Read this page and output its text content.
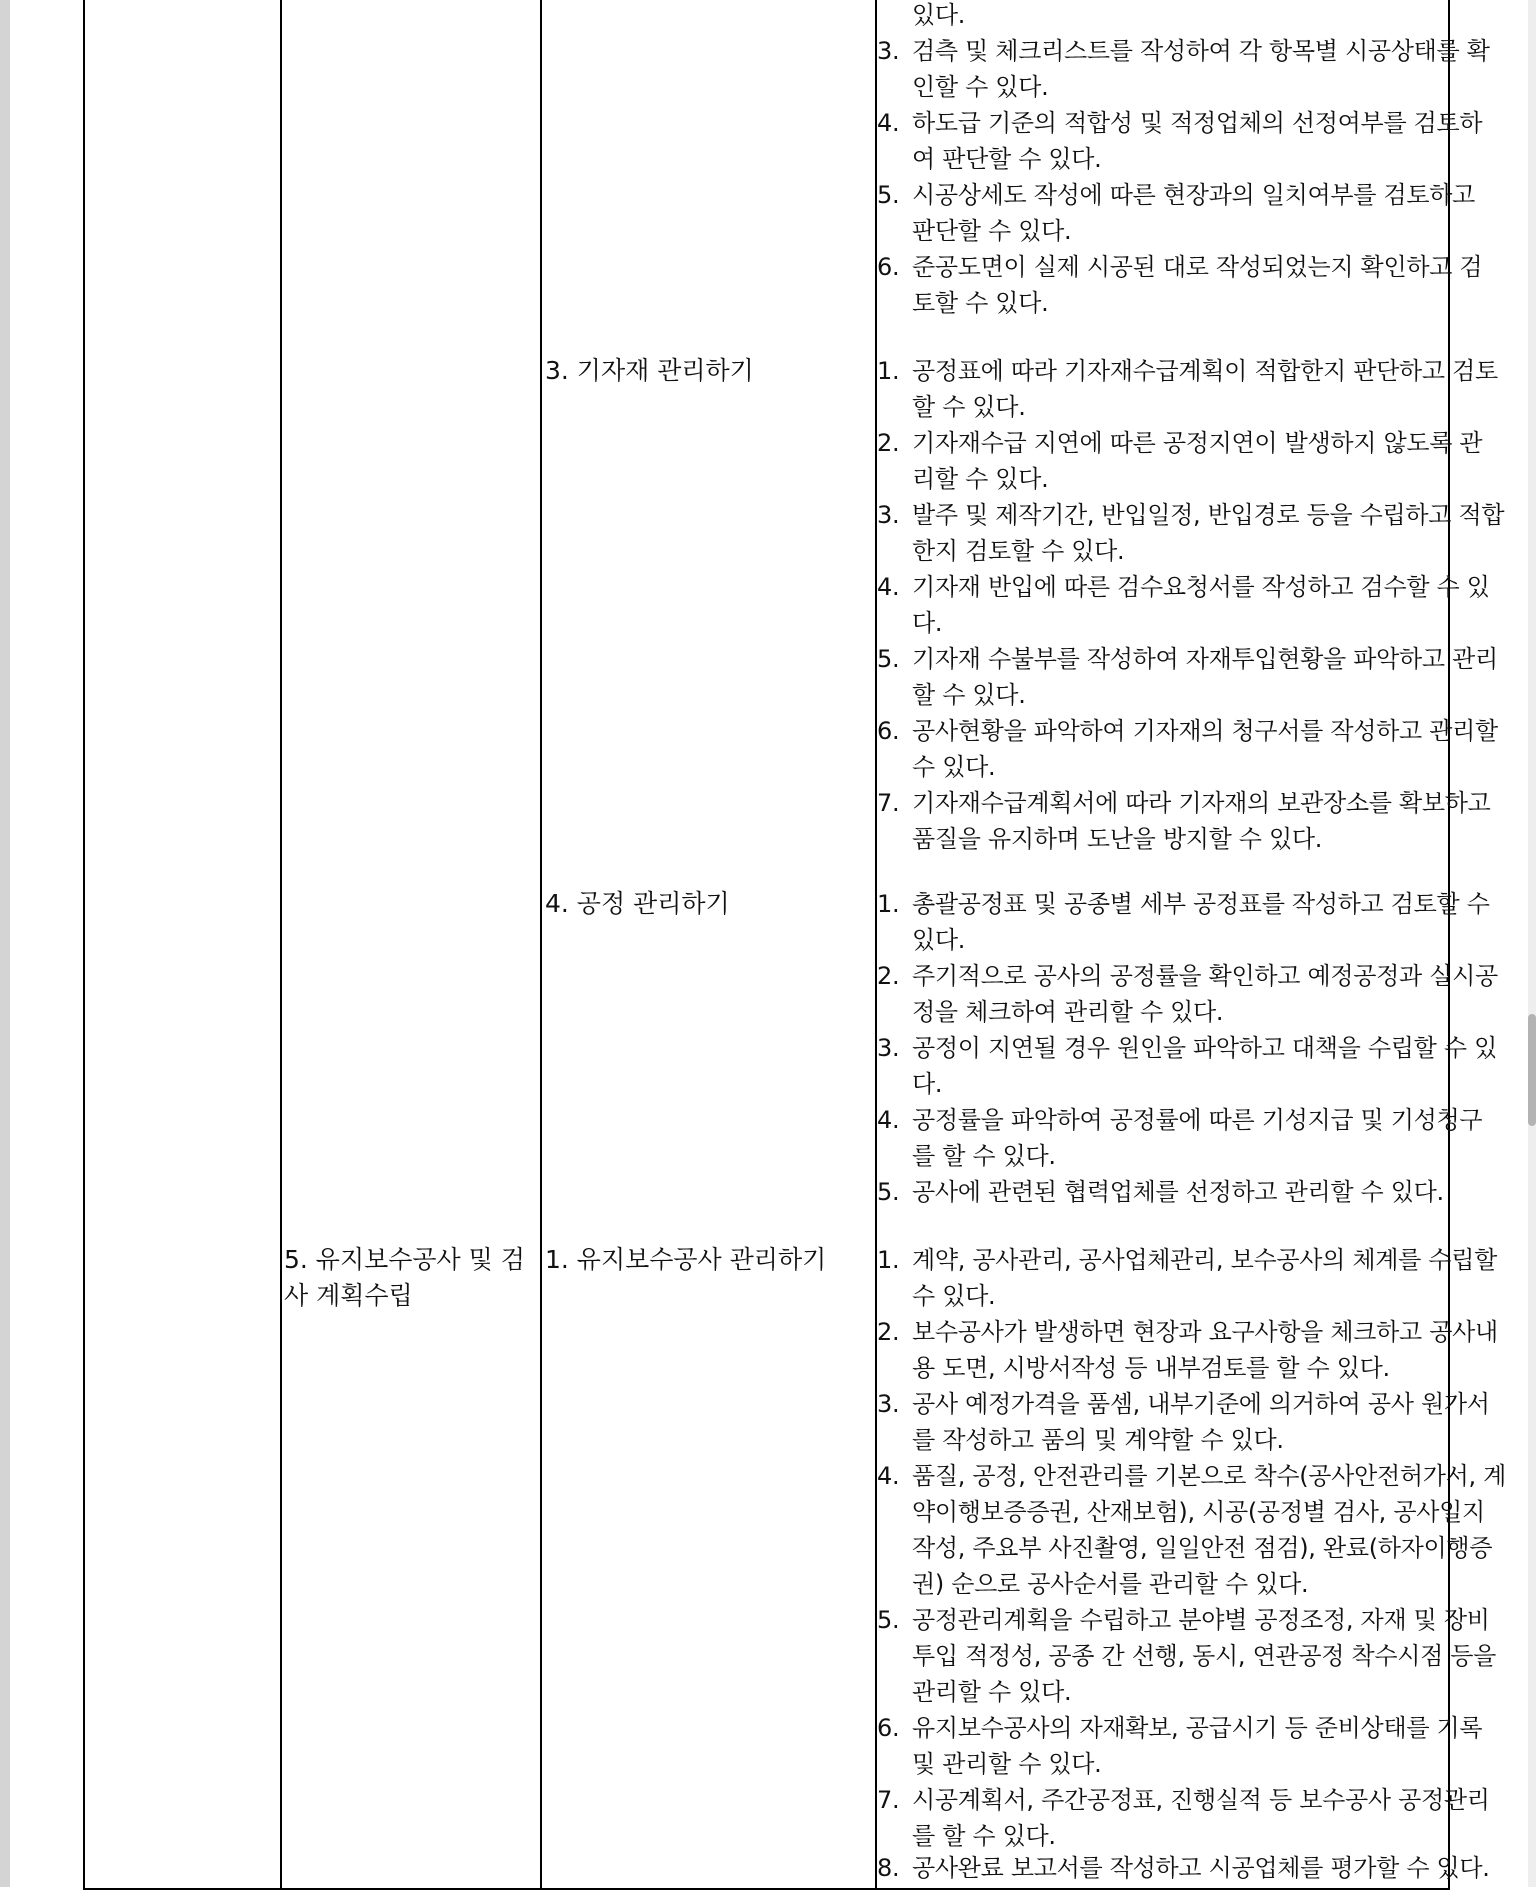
5. 유지보수공사 및 검
사 계획수립
3. 기자재 관리하기
4. 공정 관리하기
1. 유지보수공사 관리하기
있다.
3. 검측 및 체크리스트를 작성하여 각 항목별 시공상태를 확
인할 수 있다.
4. 하도급 기준의 적합성 및 적정업체의 선정여부를 검토하
여 판단할 수 있다.
5. 시공상세도 작성에 따른 현장과의 일치여부를 검토하고
판단할 수 있다.
6. 준공도면이 실제 시공된 대로 작성되었는지 확인하고 검
토할 수 있다.
1. 공정표에 따라 기자재수급계획이 적합한지 판단하고 검토
할 수 있다.
2. 기자재수급 지연에 따른 공정지연이 발생하지 않도록 관
리할 수 있다.
3. 발주 및 제작기간, 반입일정, 반입경로 등을 수립하고 적합
한지 검토할 수 있다.
4. 기자재 반입에 따른 검수요청서를 작성하고 검수할 수 있
다.
5. 기자재 수불부를 작성하여 자재투입현황을 파악하고 관리
할 수 있다.
6. 공사현황을 파악하여 기자재의 청구서를 작성하고 관리할
수 있다.
7. 기자재수급계획서에 따라 기자재의 보관장소를 확보하고
품질을 유지하며 도난을 방지할 수 있다.
1. 총괄공정표 및 공종별 세부 공정표를 작성하고 검토할 수
있다.
2. 주기적으로 공사의 공정률을 확인하고 예정공정과 실시공
정을 체크하여 관리할 수 있다.
3. 공정이 지연될 경우 원인을 파악하고 대책을 수립할 수 있
다.
4. 공정률을 파악하여 공정률에 따른 기성지급 및 기성청구
를 할 수 있다.
5. 공사에 관련된 협력업체를 선정하고 관리할 수 있다.
1. 계약, 공사관리, 공사업체관리, 보수공사의 체계를 수립할
수 있다.
2. 보수공사가 발생하면 현장과 요구사항을 체크하고 공사내
용 도면, 시방서작성 등 내부검토를 할 수 있다.
3. 공사 예정가격을 품셈, 내부기준에 의거하여 공사 원가서
를 작성하고 품의 및 계약할 수 있다.
4. 품질, 공정, 안전관리를 기본으로 착수(공사안전허가서, 계
약이행보증증권, 산재보험), 시공(공정별 검사, 공사일지
작성, 주요부 사진촬영, 일일안전 점검), 완료(하자이행증
권) 순으로 공사순서를 관리할 수 있다.
5. 공정관리계획을 수립하고 분야별 공정조정, 자재 및 장비
투입 적정성, 공종 간 선행, 동시, 연관공정 착수시점 등을
관리할 수 있다.
6. 유지보수공사의 자재확보, 공급시기 등 준비상태를 기록
및 관리할 수 있다.
7. 시공계획서, 주간공정표, 진행실적 등 보수공사 공정관리
를 할 수 있다.
8. 공사완료 보고서를 작성하고 시공업체를 평가할 수 있다.
